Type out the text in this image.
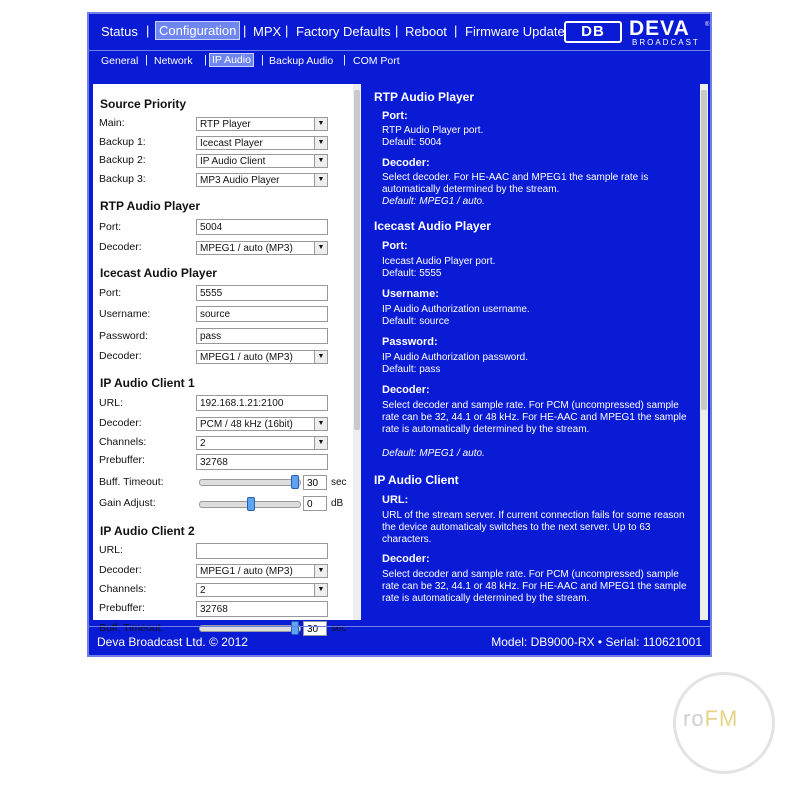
Status | Configuration | MPX | Factory Defaults | Reboot | Firmware Update	DB	DEVA
BROADCAST
®
General | Network | IP Audio | Backup Audio | COM Port
Source Priority
Main:	RTP Player	▼
Backup 1:	Icecast Player	▼
Backup 2:	IP Audio Client	▼
Backup 3:	MP3 Audio Player	▼
RTP Audio Player
Port:	5004
Decoder:	MPEG1 / auto (MP3)	▼
Icecast Audio Player
Port:	5555
Username:	source
Password:	pass
Decoder:	MPEG1 / auto (MP3)	▼
IP Audio Client 1
URL:	192.168.1.21:2100
Decoder:	PCM / 48 kHz (16bit)	▼
Channels:	2	▼
Prebuffer:	32768
Buff. Timeout:	30	sec
Gain Adjust:	0	dB
IP Audio Client 2
URL:
Decoder:	MPEG1 / auto (MP3)	▼
Channels:	2	▼
Prebuffer:	32768
Buff. Timeout:	30	sec
RTP Audio Player
Port:
RTP Audio Player port.
Default: 5004
Decoder:
Select decoder. For HE-AAC and MPEG1 the sample rate is automatically determined by the stream.
Default: MPEG1 / auto.
Icecast Audio Player
Port:
Icecast Audio Player port.
Default: 5555
Username:
IP Audio Authorization username.
Default: source
Password:
IP Audio Authorization password.
Default: pass
Decoder:
Select decoder and sample rate. For PCM (uncompressed) sample rate can be 32, 44.1 or 48 kHz. For HE-AAC and MPEG1 the sample rate is automatically determined by the stream.
Default: MPEG1 / auto.
IP Audio Client
URL:
URL of the stream server. If current connection fails for some reason the device automaticaly switches to the next server. Up to 63 characters.
Decoder:
Select decoder and sample rate. For PCM (uncompressed) sample rate can be 32, 44.1 or 48 kHz. For HE-AAC and MPEG1 the sample rate is automatically determined by the stream.
Deva Broadcast Ltd. © 2012	Model: DB9000-RX • Serial: 110621001
roFM
